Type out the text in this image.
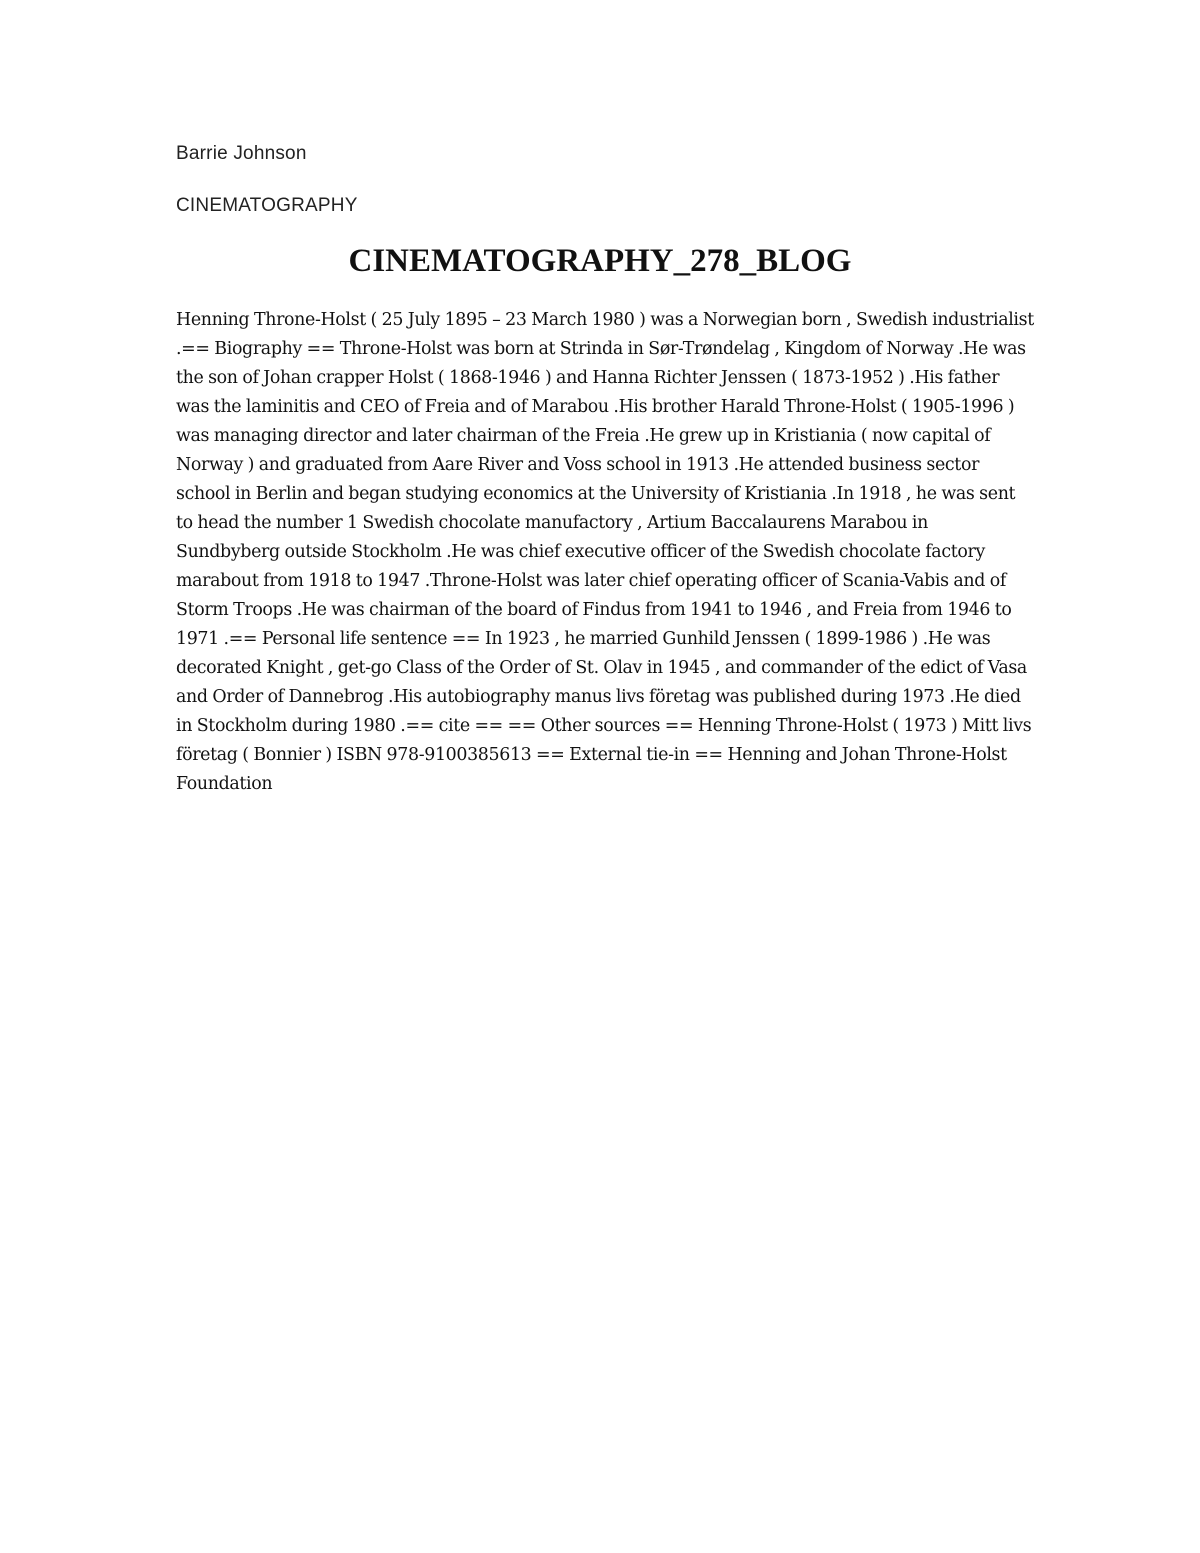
Barrie Johnson
CINEMATOGRAPHY
CINEMATOGRAPHY_278_BLOG

Henning Throne-Holst ( 25 July 1895 – 23 March 1980 ) was a Norwegian born , Swedish industrialist .== Biography == Throne-Holst was born at Strinda in Sør-Trøndelag , Kingdom of Norway .He was the son of Johan crapper Holst ( 1868-1946 ) and Hanna Richter Jenssen ( 1873-1952 ) .His father was the laminitis and CEO of Freia and of Marabou .His brother Harald Throne-Holst ( 1905-1996 ) was managing director and later chairman of the Freia .He grew up in Kristiania ( now capital of Norway ) and graduated from Aare River and Voss school in 1913 .He attended business sector school in Berlin and began studying economics at the University of Kristiania .In 1918 , he was sent to head the number 1 Swedish chocolate manufactory , Artium Baccalaurens Marabou in Sundbyberg outside Stockholm .He was chief executive officer of the Swedish chocolate factory marabout from 1918 to 1947 .Throne-Holst was later chief operating officer of Scania-Vabis and of Storm Troops .He was chairman of the board of Findus from 1941 to 1946 , and Freia from 1946 to 1971 .== Personal life sentence == In 1923 , he married Gunhild Jenssen ( 1899-1986 ) .He was decorated Knight , get-go Class of the Order of St. Olav in 1945 , and commander of the edict of Vasa and Order of Dannebrog .His autobiography manus livs företag was published during 1973 .He died in Stockholm during 1980 .== cite == == Other sources == Henning Throne-Holst ( 1973 ) Mitt livs företag ( Bonnier ) ISBN 978-9100385613 == External tie-in == Henning and Johan Throne-Holst Foundation
